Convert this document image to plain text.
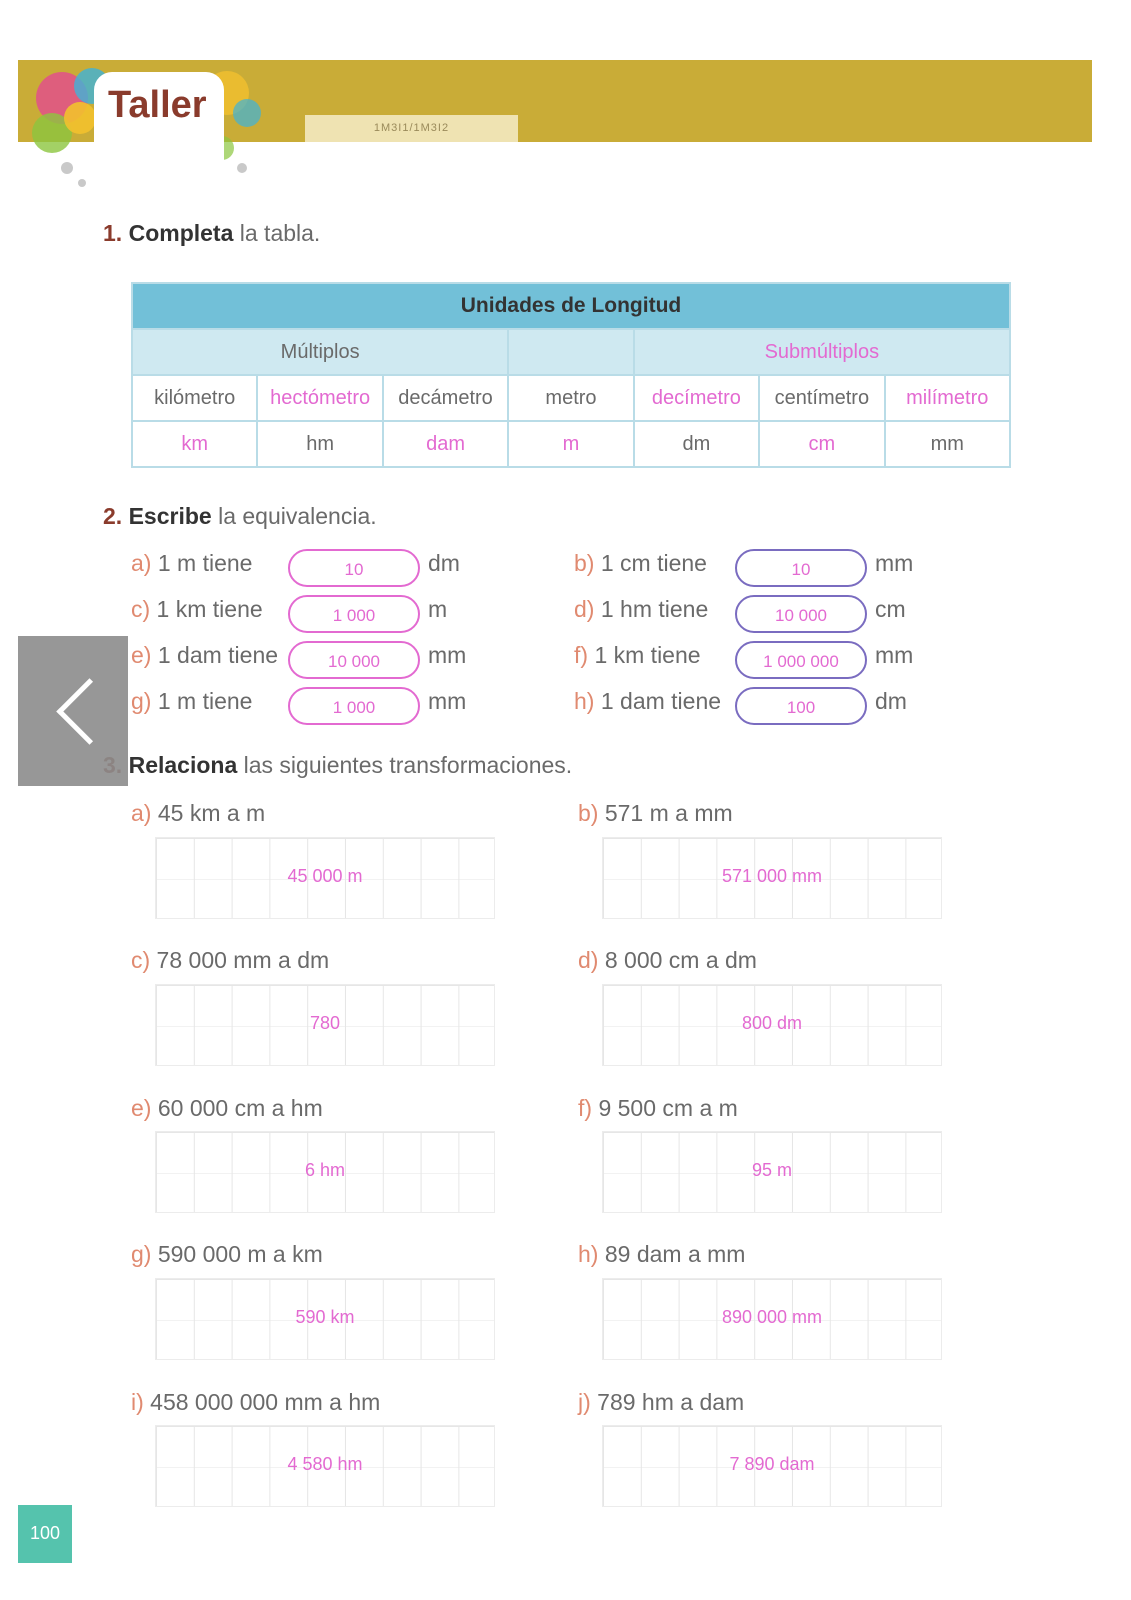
Taller
1M3I1/1M3I2
1. Completa la tabla.
Unidades de Longitud						
Múltiplos				Submúltiplos		
kilómetro	hectómetro	decámetro	metro	decímetro	centímetro	milímetro
km	hm	dam	m	dm	cm	mm
2. Escribe la equivalencia.
a) 1 m tiene	10	dm	b) 1 cm tiene	10	mm
c) 1 km tiene	1 000	m	d) 1 hm tiene	10 000	cm
e) 1 dam tiene	10 000	mm	f) 1 km tiene	1 000 000	mm
g) 1 m tiene	1 000	mm	h) 1 dam tiene	100	dm
Relaciona las siguientes transformaciones.
a) 45 km a m
45 000 m
b) 571 m a mm
571 000 mm
c) 78 000 mm a dm
780
d) 8 000 cm a dm
800 dm
e) 60 000 cm a hm
6 hm
f) 9 500 cm a m
95 m
g) 590 000 m a km
590 km
h) 89 dam a mm
890 000 mm
i) 458 000 000 mm a hm
4 580 hm
j) 789 hm a dam
7 890 dam
100
